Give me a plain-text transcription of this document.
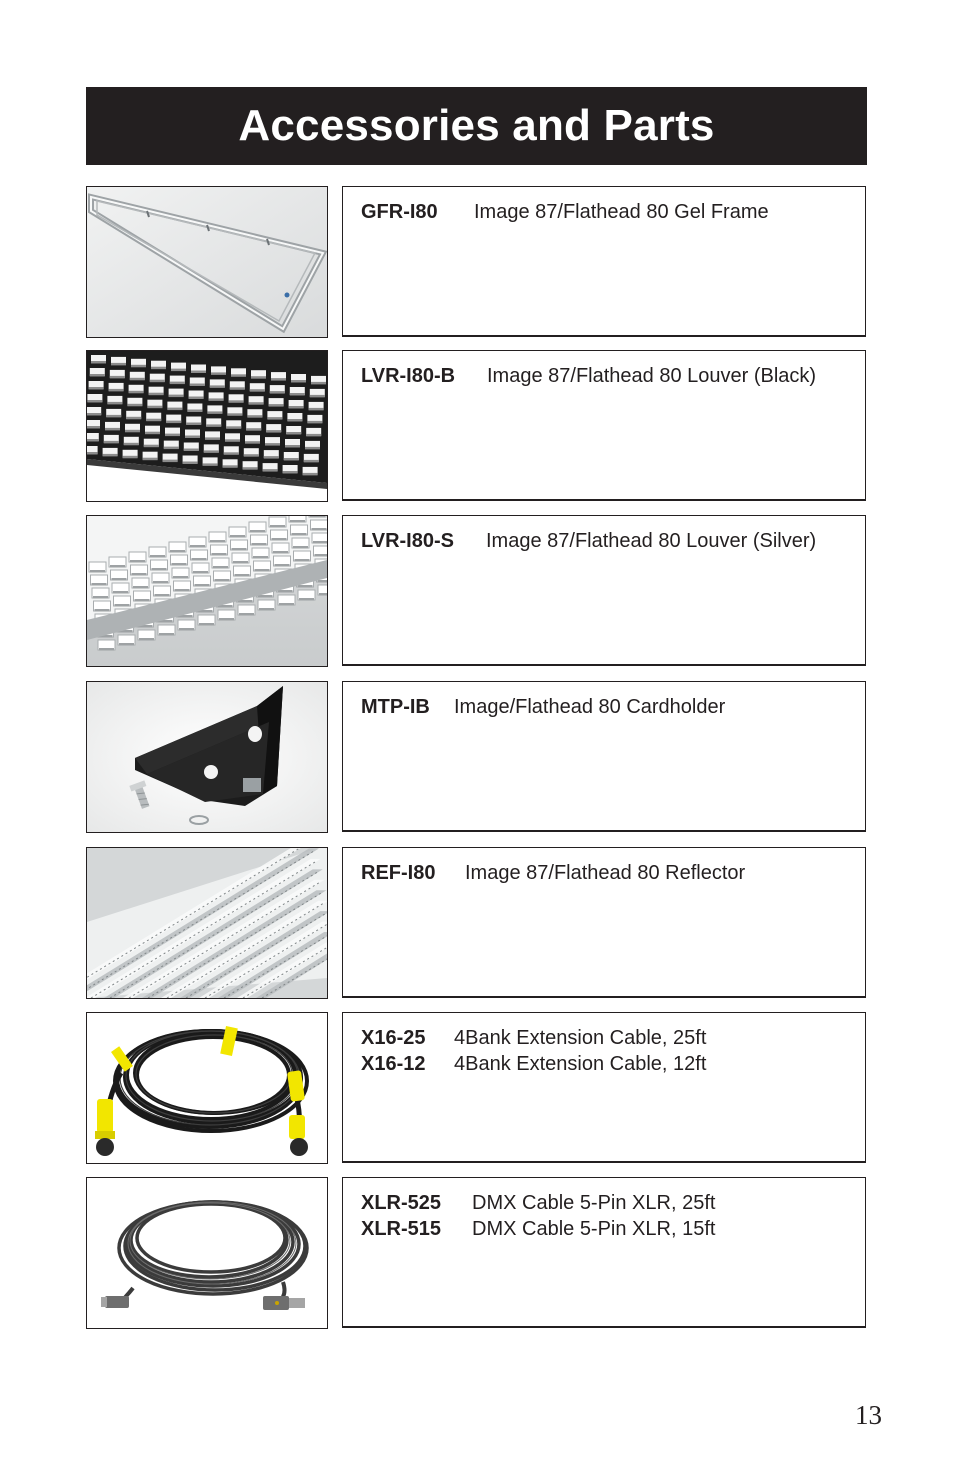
Accessories and Parts
GFR-I80 Image 87/Flathead 80 Gel Frame
LVR-I80-B Image 87/Flathead 80 Louver (Black)
LVR-I80-S Image 87/Flathead 80 Louver (Silver)
MTP-IB Image/Flathead 80 Cardholder
REF-I80 Image 87/Flathead 80 Reflector
X16-25 4Bank Extension Cable, 25ft
X16-12 4Bank Extension Cable, 12ft
XLR-525 DMX Cable 5-Pin XLR, 25ft
XLR-515 DMX Cable 5-Pin XLR, 15ft
13
